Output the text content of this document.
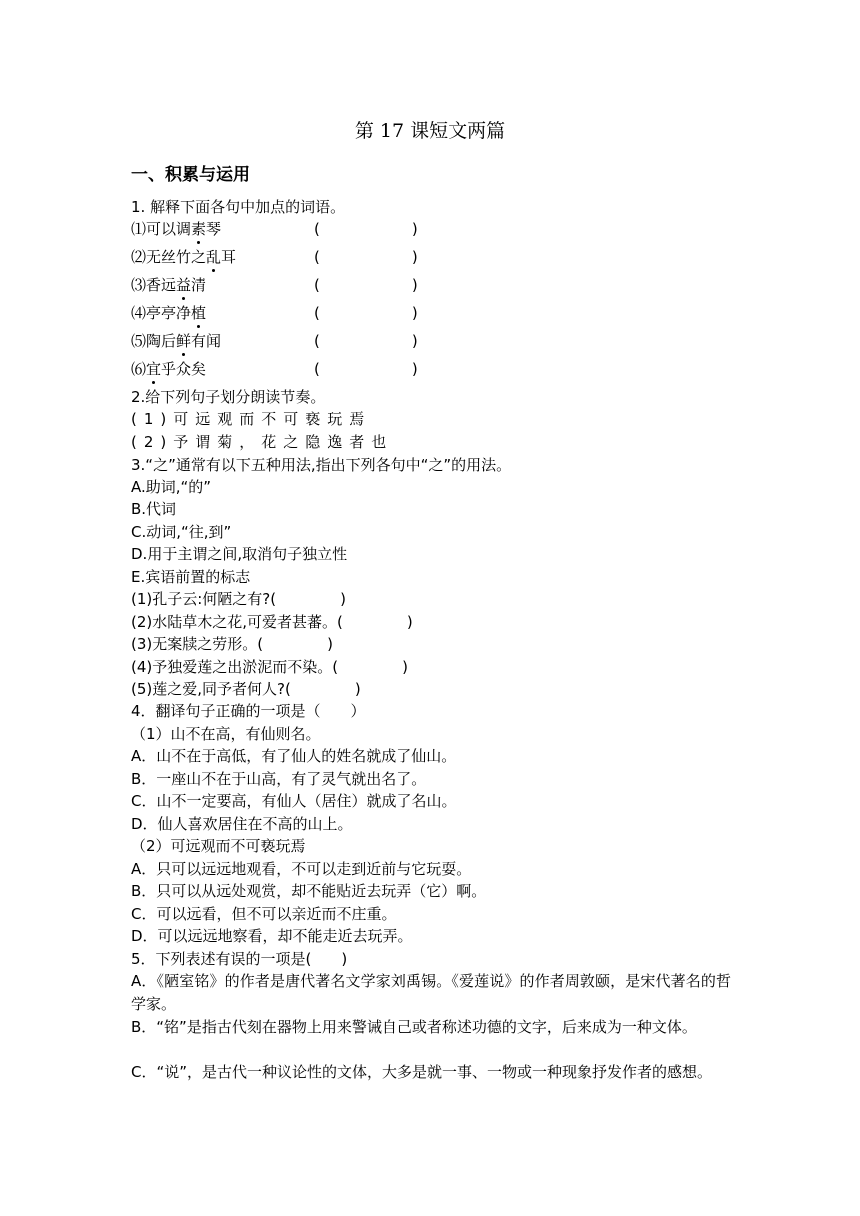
第 17 课短文两篇
一、积累与运用
1. 解释下面各句中加点的词语。
⑴可以调素琴	(	)
⑵无丝竹之乱耳	(	)
⑶香远益清	(	)
⑷亭亭净植	(	)
⑸陶后鲜有闻	(	)
⑹宜乎众矣	(	)
2.给下列句子划分朗读节奏。
(1)可远观而不可亵玩焉
(2)予谓菊，花之隐逸者也
3.“之”通常有以下五种用法,指出下列各句中“之”的用法。
A.助词,“的”
B.代词
C.动词,“往,到”
D.用于主谓之间,取消句子独立性
E.宾语前置的标志
(1)孔子云:何陋之有?(	)
(2)水陆草木之花,可爱者甚蕃。(	)
(3)无案牍之劳形。(	)
(4)予独爱莲之出淤泥而不染。(	)
(5)莲之爱,同予者何人?(	)
4．翻译句子正确的一项是（　　）
（1）山不在高，有仙则名。
A．山不在于高低，有了仙人的姓名就成了仙山。
B．一座山不在于山高，有了灵气就出名了。
C．山不一定要高，有仙人（居住）就成了名山。
D．仙人喜欢居住在不高的山上。
（2）可远观而不可亵玩焉
A．只可以远远地观看，不可以走到近前与它玩耍。
B．只可以从远处观赏，却不能贴近去玩弄（它）啊。
C．可以远看，但不可以亲近而不庄重。
D．可以远远地察看，却不能走近去玩弄。
5．下列表述有误的一项是(　　)
A．《陋室铭》的作者是唐代著名文学家刘禹锡。《爱莲说》的作者周敦颐，是宋代著名的哲学家。
B．“铭”是指古代刻在器物上用来警诫自己或者称述功德的文字，后来成为一种文体。
C．“说”，是古代一种议论性的文体，大多是就一事、一物或一种现象抒发作者的感想。
